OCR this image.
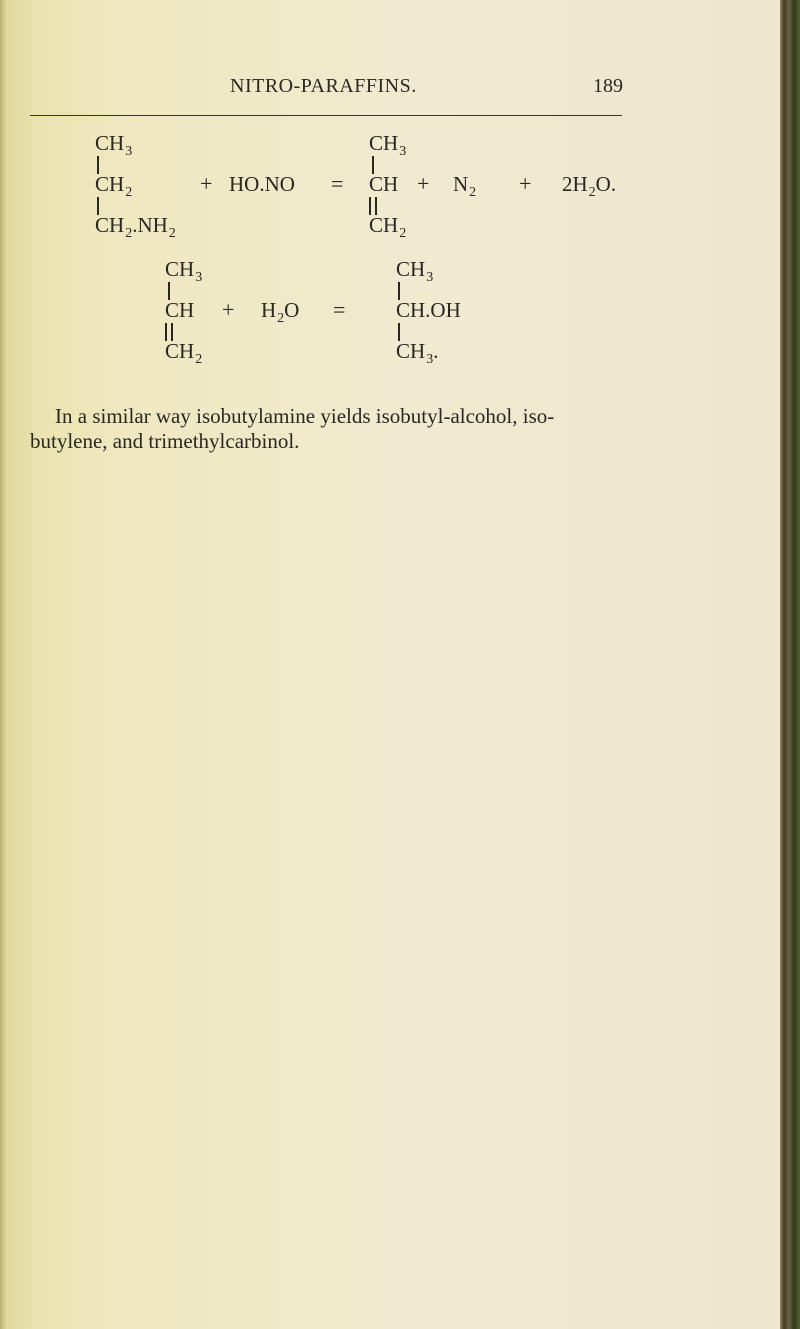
NITRO-PARAFFINS.	189
$CH_3$
$CH_2$
$CH_2.NH_2$
+ HO.NO =
$CH_3$
CH
$CH_2$
+ $N_2 + 2H_2O$.
$CH_3$
CH
$CH_2$
+ $H_2O$ =
$CH_3$
CH.OH
$CH_3$.
In a similar way isobutylamine yields isobutyl-alcohol, iso-
butylene, and trimethylcarbinol.
